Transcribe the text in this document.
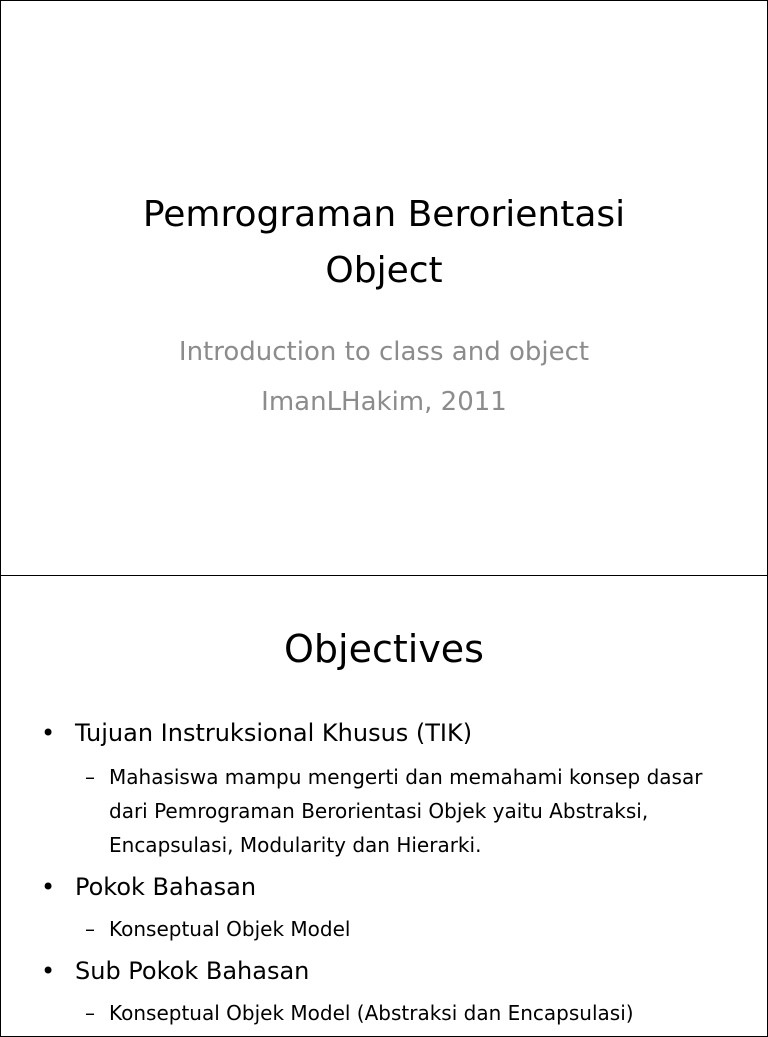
Pemrograman Berorientasi
Object
Introduction to class and object
ImanLHakim, 2011
Objectives
• Tujuan Instruksional Khusus (TIK)
– Mahasiswa mampu mengerti dan memahami konsep dasar dari Pemrograman Berorientasi Objek yaitu Abstraksi, Encapsulasi, Modularity dan Hierarki.
• Pokok Bahasan
– Konseptual Objek Model
• Sub Pokok Bahasan
– Konseptual Objek Model (Abstraksi dan Encapsulasi)
